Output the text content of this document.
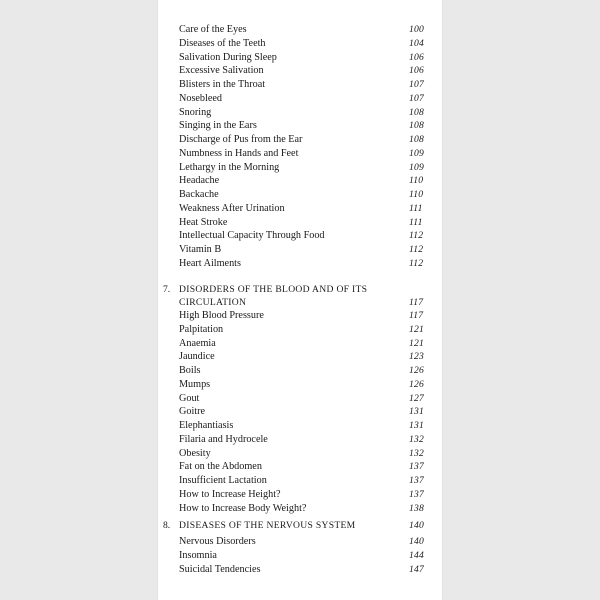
Care of the Eyes	100
Diseases of the Teeth	104
Salivation During Sleep	106
Excessive Salivation	106
Blisters in the Throat	107
Nosebleed	107
Snoring	108
Singing in the Ears	108
Discharge of Pus from the Ear	108
Numbness in Hands and Feet	109
Lethargy in the Morning	109
Headache	110
Backache	110
Weakness After Urination	111
Heat Stroke	111
Intellectual Capacity Through Food	112
Vitamin B	112
Heart Ailments	112
7. DISORDERS OF THE BLOOD AND OF ITS
CIRCULATION	117
High Blood Pressure	117
Palpitation	121
Anaemia	121
Jaundice	123
Boils	126
Mumps	126
Gout	127
Goitre	131
Elephantiasis	131
Filaria and Hydrocele	132
Obesity	132
Fat on the Abdomen	137
Insufficient Lactation	137
How to Increase Height?	137
How to Increase Body Weight?	138
8. DISEASES OF THE NERVOUS SYSTEM	140
Nervous Disorders	140
Insomnia	144
Suicidal Tendencies	147
